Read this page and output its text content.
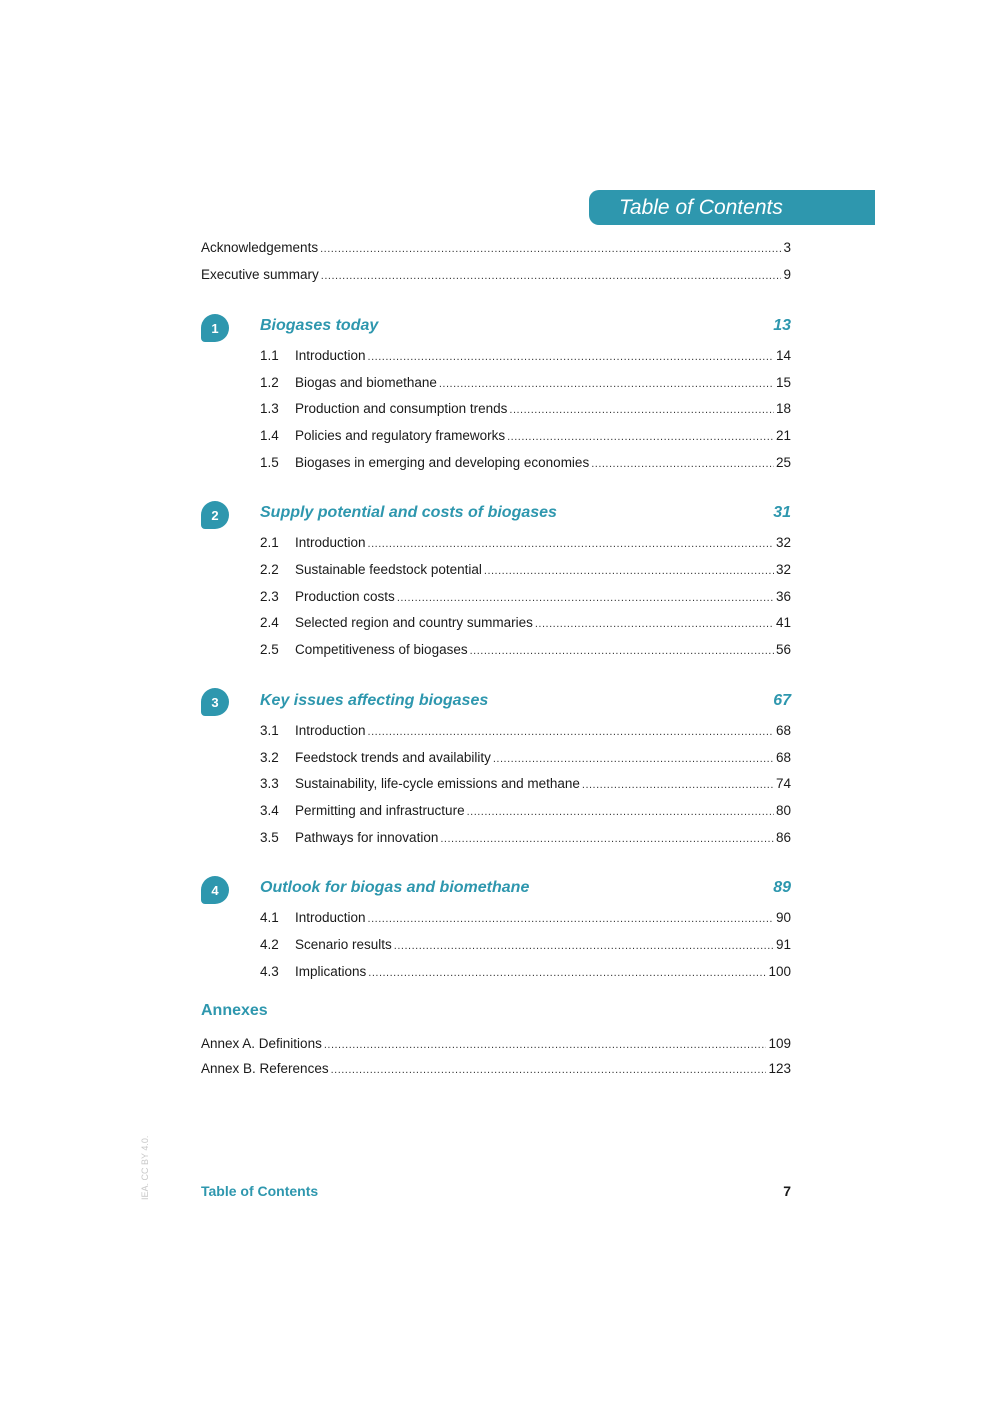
Table of Contents
Acknowledgements .....	3
Executive summary .....	9
1	Biogases today	13
1.1	Introduction .....	14
1.2	Biogas and biomethane .....	15
1.3	Production and consumption trends .....	18
1.4	Policies and regulatory frameworks .....	21
1.5	Biogases in emerging and developing economies .....	25
2	Supply potential and costs of biogases	31
2.1	Introduction .....	32
2.2	Sustainable feedstock potential .....	32
2.3	Production costs .....	36
2.4	Selected region and country summaries .....	41
2.5	Competitiveness of biogases .....	56
3	Key issues affecting biogases	67
3.1	Introduction .....	68
3.2	Feedstock trends and availability .....	68
3.3	Sustainability, life-cycle emissions and methane .....	74
3.4	Permitting and infrastructure .....	80
3.5	Pathways for innovation .....	86
4	Outlook for biogas and biomethane	89
4.1	Introduction .....	90
4.2	Scenario results .....	91
4.3	Implications .....	100
Annexes
Annex A. Definitions .....	109
Annex B. References .....	123
IEA. CC BY 4.0.	Table of Contents	7
